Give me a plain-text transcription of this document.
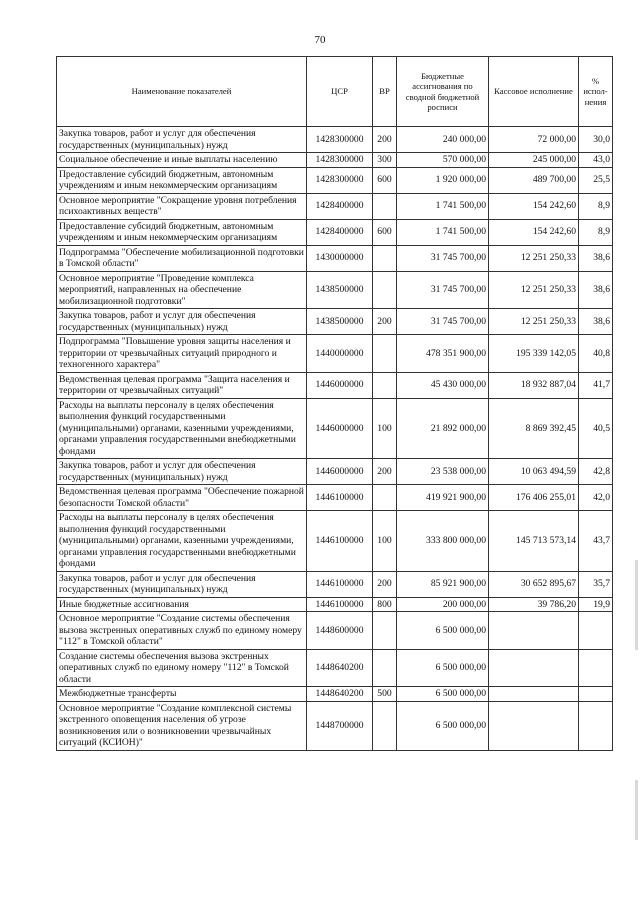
70
Наименование показателей	ЦСР	ВР	Бюджетные ассигнования по сводной бюджетной росписи	Кассовое исполнение	% испол-нения
Закупка товаров, работ и услуг для обеспечения государственных (муниципальных) нужд	1428300000	200	240 000,00	72 000,00	30,0
Социальное обеспечение и иные выплаты населению	1428300000	300	570 000,00	245 000,00	43,0
Предоставление субсидий бюджетным, автономным учреждениям и иным некоммерческим организациям	1428300000	600	1 920 000,00	489 700,00	25,5
Основное мероприятие "Сокращение уровня потребления психоактивных веществ"	1428400000		1 741 500,00	154 242,60	8,9
Предоставление субсидий бюджетным, автономным учреждениям и иным некоммерческим организациям	1428400000	600	1 741 500,00	154 242,60	8,9
Подпрограмма "Обеспечение мобилизационной подготовки в Томской области"	1430000000		31 745 700,00	12 251 250,33	38,6
Основное мероприятие "Проведение комплекса мероприятий, направленных на обеспечение мобилизационной подготовки"	1438500000		31 745 700,00	12 251 250,33	38,6
Закупка товаров, работ и услуг для обеспечения государственных (муниципальных) нужд	1438500000	200	31 745 700,00	12 251 250,33	38,6
Подпрограмма "Повышение уровня защиты населения и территории от чрезвычайных ситуаций природного и техногенного характера"	1440000000		478 351 900,00	195 339 142,05	40,8
Ведомственная целевая программа "Защита населения и территории от чрезвычайных ситуаций"	1446000000		45 430 000,00	18 932 887,04	41,7
Расходы на выплаты персоналу в целях обеспечения выполнения функций государственными (муниципальными) органами, казенными учреждениями, органами управления государственными внебюджетными фондами	1446000000	100	21 892 000,00	8 869 392,45	40,5
Закупка товаров, работ и услуг для обеспечения государственных (муниципальных) нужд	1446000000	200	23 538 000,00	10 063 494,59	42,8
Ведомственная целевая программа "Обеспечение пожарной безопасности Томской области"	1446100000		419 921 900,00	176 406 255,01	42,0
Расходы на выплаты персоналу в целях обеспечения выполнения функций государственными (муниципальными) органами, казенными учреждениями, органами управления государственными внебюджетными фондами	1446100000	100	333 800 000,00	145 713 573,14	43,7
Закупка товаров, работ и услуг для обеспечения государственных (муниципальных) нужд	1446100000	200	85 921 900,00	30 652 895,67	35,7
Иные бюджетные ассигнования	1446100000	800	200 000,00	39 786,20	19,9
Основное мероприятие "Создание системы обеспечения вызова экстренных оперативных служб по единому номеру "112" в Томской области"	1448600000		6 500 000,00		
Создание системы обеспечения вызова экстренных оперативных служб по единому номеру "112" в Томской области	1448640200		6 500 000,00		
Межбюджетные трансферты	1448640200	500	6 500 000,00		
Основное мероприятие "Создание комплексной системы экстренного оповещения населения об угрозе возникновения или о возникновении чрезвычайных ситуаций (КСИОН)"	1448700000		6 500 000,00		
